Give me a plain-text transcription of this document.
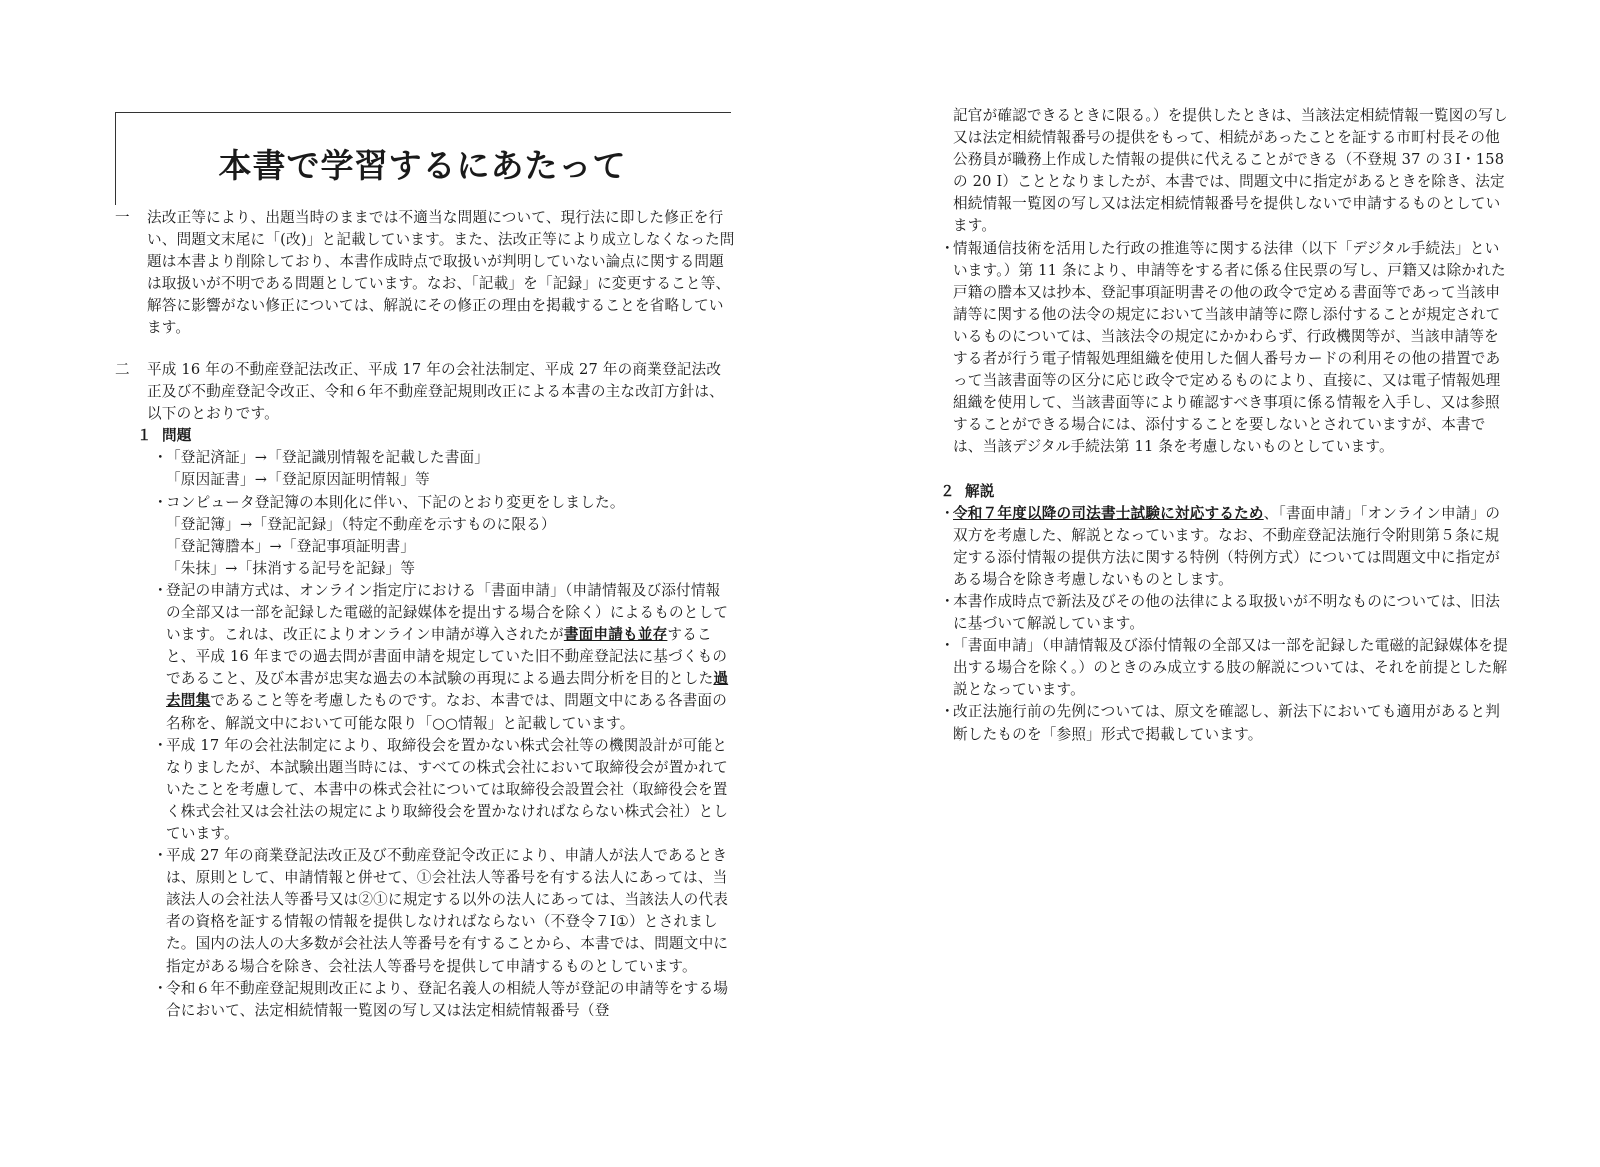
本書で学習するにあたって
一	法改正等により、出題当時のままでは不適当な問題について、現行法に即した修正を行い、問題文末尾に「(改)」と記載しています。また、法改正等により成立しなくなった問題は本書より削除しており、本書作成時点で取扱いが判明していない論点に関する問題は取扱いが不明である問題としています。なお、「記載」を「記録」に変更すること等、解答に影響がない修正については、解説にその修正の理由を掲載することを省略しています。
二	平成 16 年の不動産登記法改正、平成 17 年の会社法制定、平成 27 年の商業登記法改正及び不動産登記令改正、令和６年不動産登記規則改正による本書の主な改訂方針は、以下のとおりです。
１ 問題
・
「登記済証」→「登記識別情報を記載した書面」
「原因証書」→「登記原因証明情報」等
・
コンピュータ登記簿の本則化に伴い、下記のとおり変更をしました。
「登記簿」→「登記記録」（特定不動産を示すものに限る）
「登記簿謄本」→「登記事項証明書」
「朱抹」→「抹消する記号を記録」等
・
登記の申請方式は、オンライン指定庁における「書面申請」（申請情報及び添付情報の全部又は一部を記録した電磁的記録媒体を提出する場合を除く）によるものとしています。これは、改正によりオンライン申請が導入されたが書面申請も並存すること、平成 16 年までの過去問が書面申請を規定していた旧不動産登記法に基づくものであること、及び本書が忠実な過去の本試験の再現による過去問分析を目的とした過去問集であること等を考慮したものです。なお、本書では、問題文中にある各書面の名称を、解説文中において可能な限り「○○情報」と記載しています。
・
平成 17 年の会社法制定により、取締役会を置かない株式会社等の機関設計が可能となりましたが、本試験出題当時には、すべての株式会社において取締役会が置かれていたことを考慮して、本書中の株式会社については取締役会設置会社（取締役会を置く株式会社又は会社法の規定により取締役会を置かなければならない株式会社）としています。
・
平成 27 年の商業登記法改正及び不動産登記令改正により、申請人が法人であるときは、原則として、申請情報と併せて、①会社法人等番号を有する法人にあっては、当該法人の会社法人等番号又は②①に規定する以外の法人にあっては、当該法人の代表者の資格を証する情報の情報を提供しなければならない（不登令７Ⅰ①）とされました。国内の法人の大多数が会社法人等番号を有することから、本書では、問題文中に指定がある場合を除き、会社法人等番号を提供して申請するものとしています。
・
令和６年不動産登記規則改正により、登記名義人の相続人等が登記の申請等をする場合において、法定相続情報一覧図の写し又は法定相続情報番号（登
記官が確認できるときに限る。）を提供したときは、当該法定相続情報一覧図の写し又は法定相続情報番号の提供をもって、相続があったことを証する市町村長その他公務員が職務上作成した情報の提供に代えることができる（不登規 37 の３Ⅰ・158 の 20 Ⅰ）こととなりましたが、本書では、問題文中に指定があるときを除き、法定相続情報一覧図の写し又は法定相続情報番号を提供しないで申請するものとしています。
・
情報通信技術を活用した行政の推進等に関する法律（以下「デジタル手続法」といいます。）第 11 条により、申請等をする者に係る住民票の写し、戸籍又は除かれた戸籍の謄本又は抄本、登記事項証明書その他の政令で定める書面等であって当該申請等に関する他の法令の規定において当該申請等に際し添付することが規定されているものについては、当該法令の規定にかかわらず、行政機関等が、当該申請等をする者が行う電子情報処理組織を使用した個人番号カードの利用その他の措置であって当該書面等の区分に応じ政令で定めるものにより、直接に、又は電子情報処理組織を使用して、当該書面等により確認すべき事項に係る情報を入手し、又は参照することができる場合には、添付することを要しないとされていますが、本書では、当該デジタル手続法第 11 条を考慮しないものとしています。
２ 解説
・
令和７年度以降の司法書士試験に対応するため、「書面申請」「オンライン申請」の双方を考慮した、解説となっています。なお、不動産登記法施行令附則第５条に規定する添付情報の提供方法に関する特例（特例方式）については問題文中に指定がある場合を除き考慮しないものとします。
・
本書作成時点で新法及びその他の法律による取扱いが不明なものについては、旧法に基づいて解説しています。
・
「書面申請」（申請情報及び添付情報の全部又は一部を記録した電磁的記録媒体を提出する場合を除く。）のときのみ成立する肢の解説については、それを前提とした解説となっています。
・
改正法施行前の先例については、原文を確認し、新法下においても適用があると判断したものを「参照」形式で掲載しています。
